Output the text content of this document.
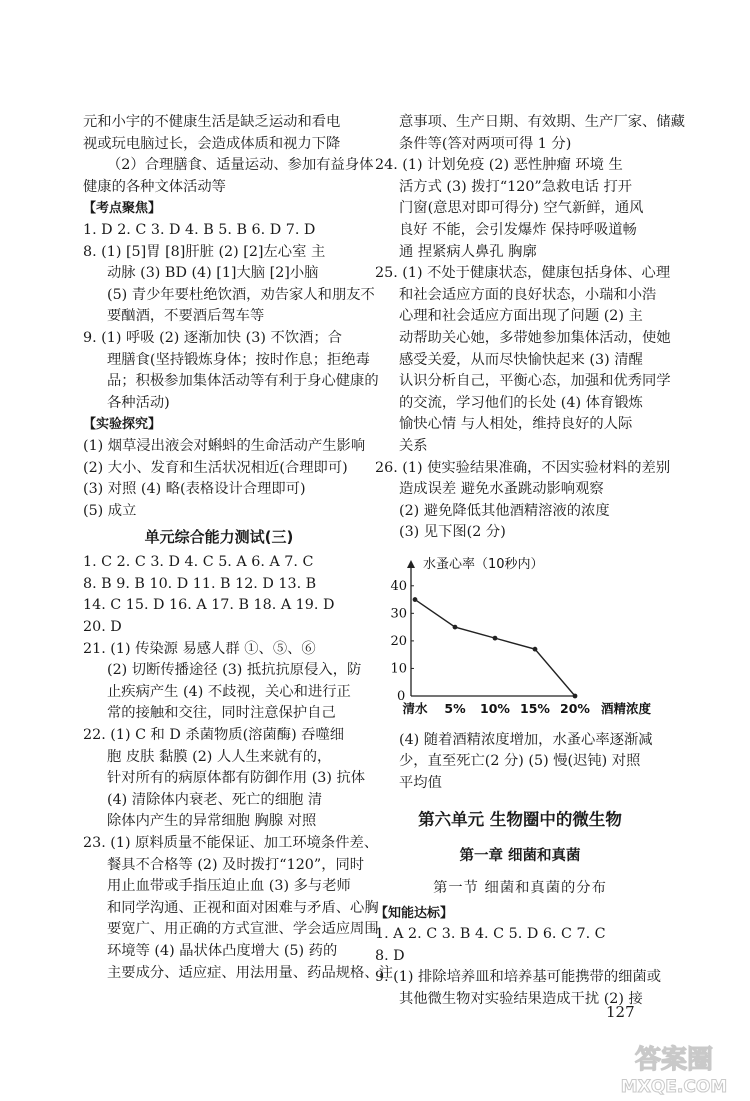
元和小宇的不健康生活是缺乏运动和看电
视或玩电脑过长，会造成体质和视力下降
（2）合理膳食、适量运动、参加有益身体
健康的各种文体活动等
【考点聚焦】
1. D 2. C 3. D 4. B 5. B 6. D 7. D
8. (1) [5]胃 [8]肝脏 (2) [2]左心室 主
动脉 (3) BD (4) [1]大脑 [2]小脑
(5) 青少年要杜绝饮酒，劝告家人和朋友不
要酗酒，不要酒后驾车等
9. (1) 呼吸 (2) 逐渐加快 (3) 不饮酒；合
理膳食(坚持锻炼身体；按时作息；拒绝毒
品；积极参加集体活动等有利于身心健康的
各种活动)
【实验探究】
(1) 烟草浸出液会对蝌蚪的生命活动产生影响
(2) 大小、发育和生活状况相近(合理即可)
(3) 对照 (4) 略(表格设计合理即可)
(5) 成立
单元综合能力测试(三)
1. C 2. C 3. D 4. C 5. A 6. A 7. C
8. B 9. B 10. D 11. B 12. D 13. B
14. C 15. D 16. A 17. B 18. A 19. D
20. D
21. (1) 传染源 易感人群 ①、⑤、⑥
(2) 切断传播途径 (3) 抵抗抗原侵入，防
止疾病产生 (4) 不歧视，关心和进行正
常的接触和交往，同时注意保护自己
22. (1) C 和 D 杀菌物质(溶菌酶) 吞噬细
胞 皮肤 黏膜 (2) 人人生来就有的，
针对所有的病原体都有防御作用 (3) 抗体
(4) 清除体内衰老、死亡的细胞 清
除体内产生的异常细胞 胸腺 对照
23. (1) 原料质量不能保证、加工环境条件差、
餐具不合格等 (2) 及时拨打“120”，同时
用止血带或手指压迫止血 (3) 多与老师
和同学沟通、正视和面对困难与矛盾、心胸
要宽广、用正确的方式宣泄、学会适应周围
环境等 (4) 晶状体凸度增大 (5) 药的
主要成分、适应症、用法用量、药品规格、注
意事项、生产日期、有效期、生产厂家、储藏
条件等(答对两项可得 1 分)
24. (1) 计划免疫 (2) 恶性肿瘤 环境 生
活方式 (3) 拨打“120”急救电话 打开
门窗(意思对即可得分) 空气新鲜，通风
良好 不能，会引发爆炸 保持呼吸道畅
通 捏紧病人鼻孔 胸廓
25. (1) 不处于健康状态，健康包括身体、心理
和社会适应方面的良好状态，小瑞和小浩
心理和社会适应方面出现了问题 (2) 主
动帮助关心她，多带她参加集体活动，使她
感受关爱，从而尽快愉快起来 (3) 清醒
认识分析自己，平衡心态，加强和优秀同学
的交流，学习他们的长处 (4) 体育锻炼
愉快心情 与人相处，维持良好的人际
关系
26. (1) 使实验结果准确，不因实验材料的差别
造成误差 避免水蚤跳动影响观察
(2) 避免降低其他酒精溶液的浓度
(3) 见下图(2 分)
水蚤心率（10秒内）
0
10
20
30
40
清水 5% 10% 15% 20% 酒精浓度
(4) 随着酒精浓度增加，水蚤心率逐渐减
少，直至死亡(2 分) (5) 慢(迟钝) 对照
平均值
第六单元 生物圈中的微生物
第一章 细菌和真菌
第一节 细菌和真菌的分布
【知能达标】
1. A 2. C 3. B 4. C 5. D 6. C 7. C
8. D
9. (1) 排除培养皿和培养基可能携带的细菌或
其他微生物对实验结果造成干扰 (2) 接
127
答案圈
MXQE.COM
